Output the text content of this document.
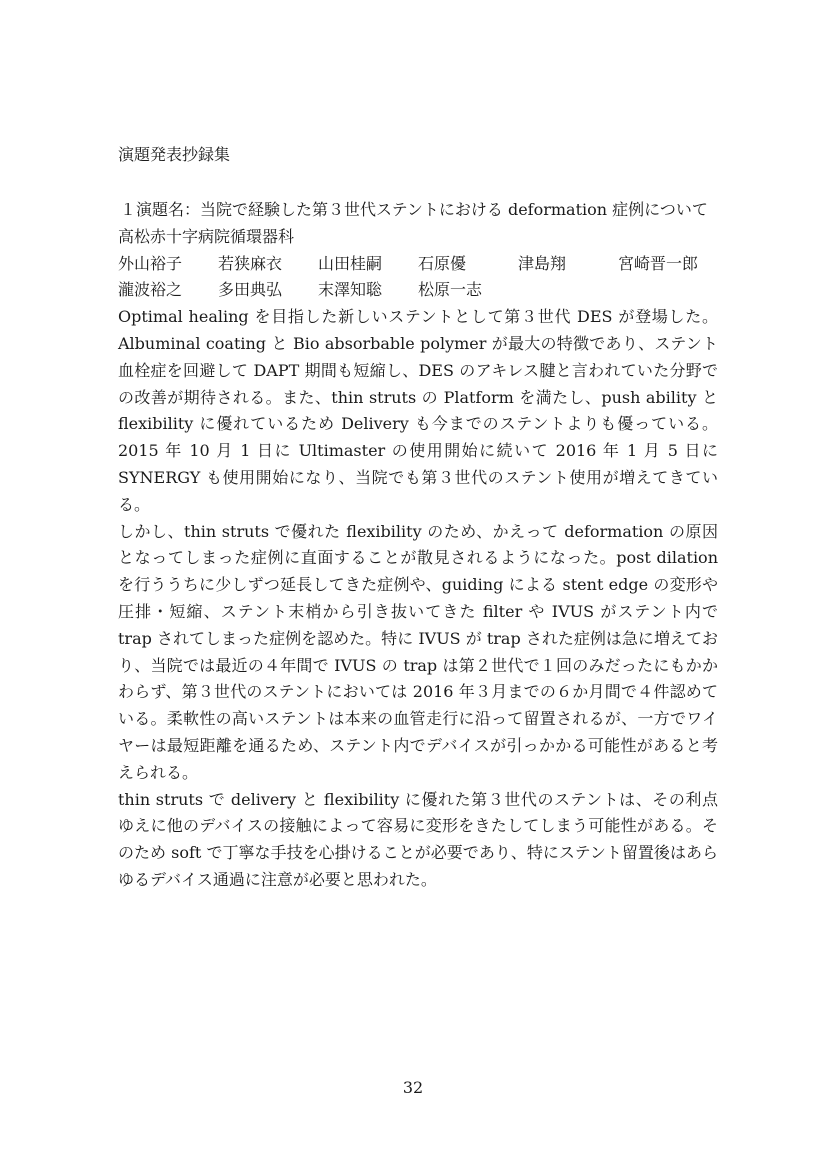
演題発表抄録集

１演題名：当院で経験した第３世代ステントにおける deformation 症例について

高松赤十字病院循環器科

外山裕子	若狭麻衣	山田桂嗣	石原優	津島翔	宮崎晋一郎
瀧波裕之	多田典弘	末澤知聡	松原一志

Optimal healing を目指した新しいステントとして第３世代 DES が登場した。Albuminal coating と Bio absorbable polymer が最大の特徴であり、ステント血栓症を回避して DAPT 期間も短縮し、DES のアキレス腱と言われていた分野での改善が期待される。また、thin struts の Platform を満たし、push ability と flexibility に優れているため Delivery も今までのステントよりも優っている。2015 年 10 月 1 日に Ultimaster の使用開始に続いて 2016 年 1 月 5 日に SYNERGY も使用開始になり、当院でも第３世代のステント使用が増えてきている。

しかし、thin struts で優れた flexibility のため、かえって deformation の原因となってしまった症例に直面することが散見されるようになった。post dilation を行ううちに少しずつ延長してきた症例や、guiding による stent edge の変形や圧排・短縮、ステント末梢から引き抜いてきた filter や IVUS がステント内で trap されてしまった症例を認めた。特に IVUS が trap された症例は急に増えており、当院では最近の４年間で IVUS の trap は第２世代で１回のみだったにもかかわらず、第３世代のステントにおいては 2016 年３月までの６か月間で４件認めている。柔軟性の高いステントは本来の血管走行に沿って留置されるが、一方でワイヤーは最短距離を通るため、ステント内でデバイスが引っかかる可能性があると考えられる。

thin struts で delivery と flexibility に優れた第３世代のステントは、その利点ゆえに他のデバイスの接触によって容易に変形をきたしてしまう可能性がある。そのため soft で丁寧な手技を心掛けることが必要であり、特にステント留置後はあらゆるデバイス通過に注意が必要と思われた。

32
